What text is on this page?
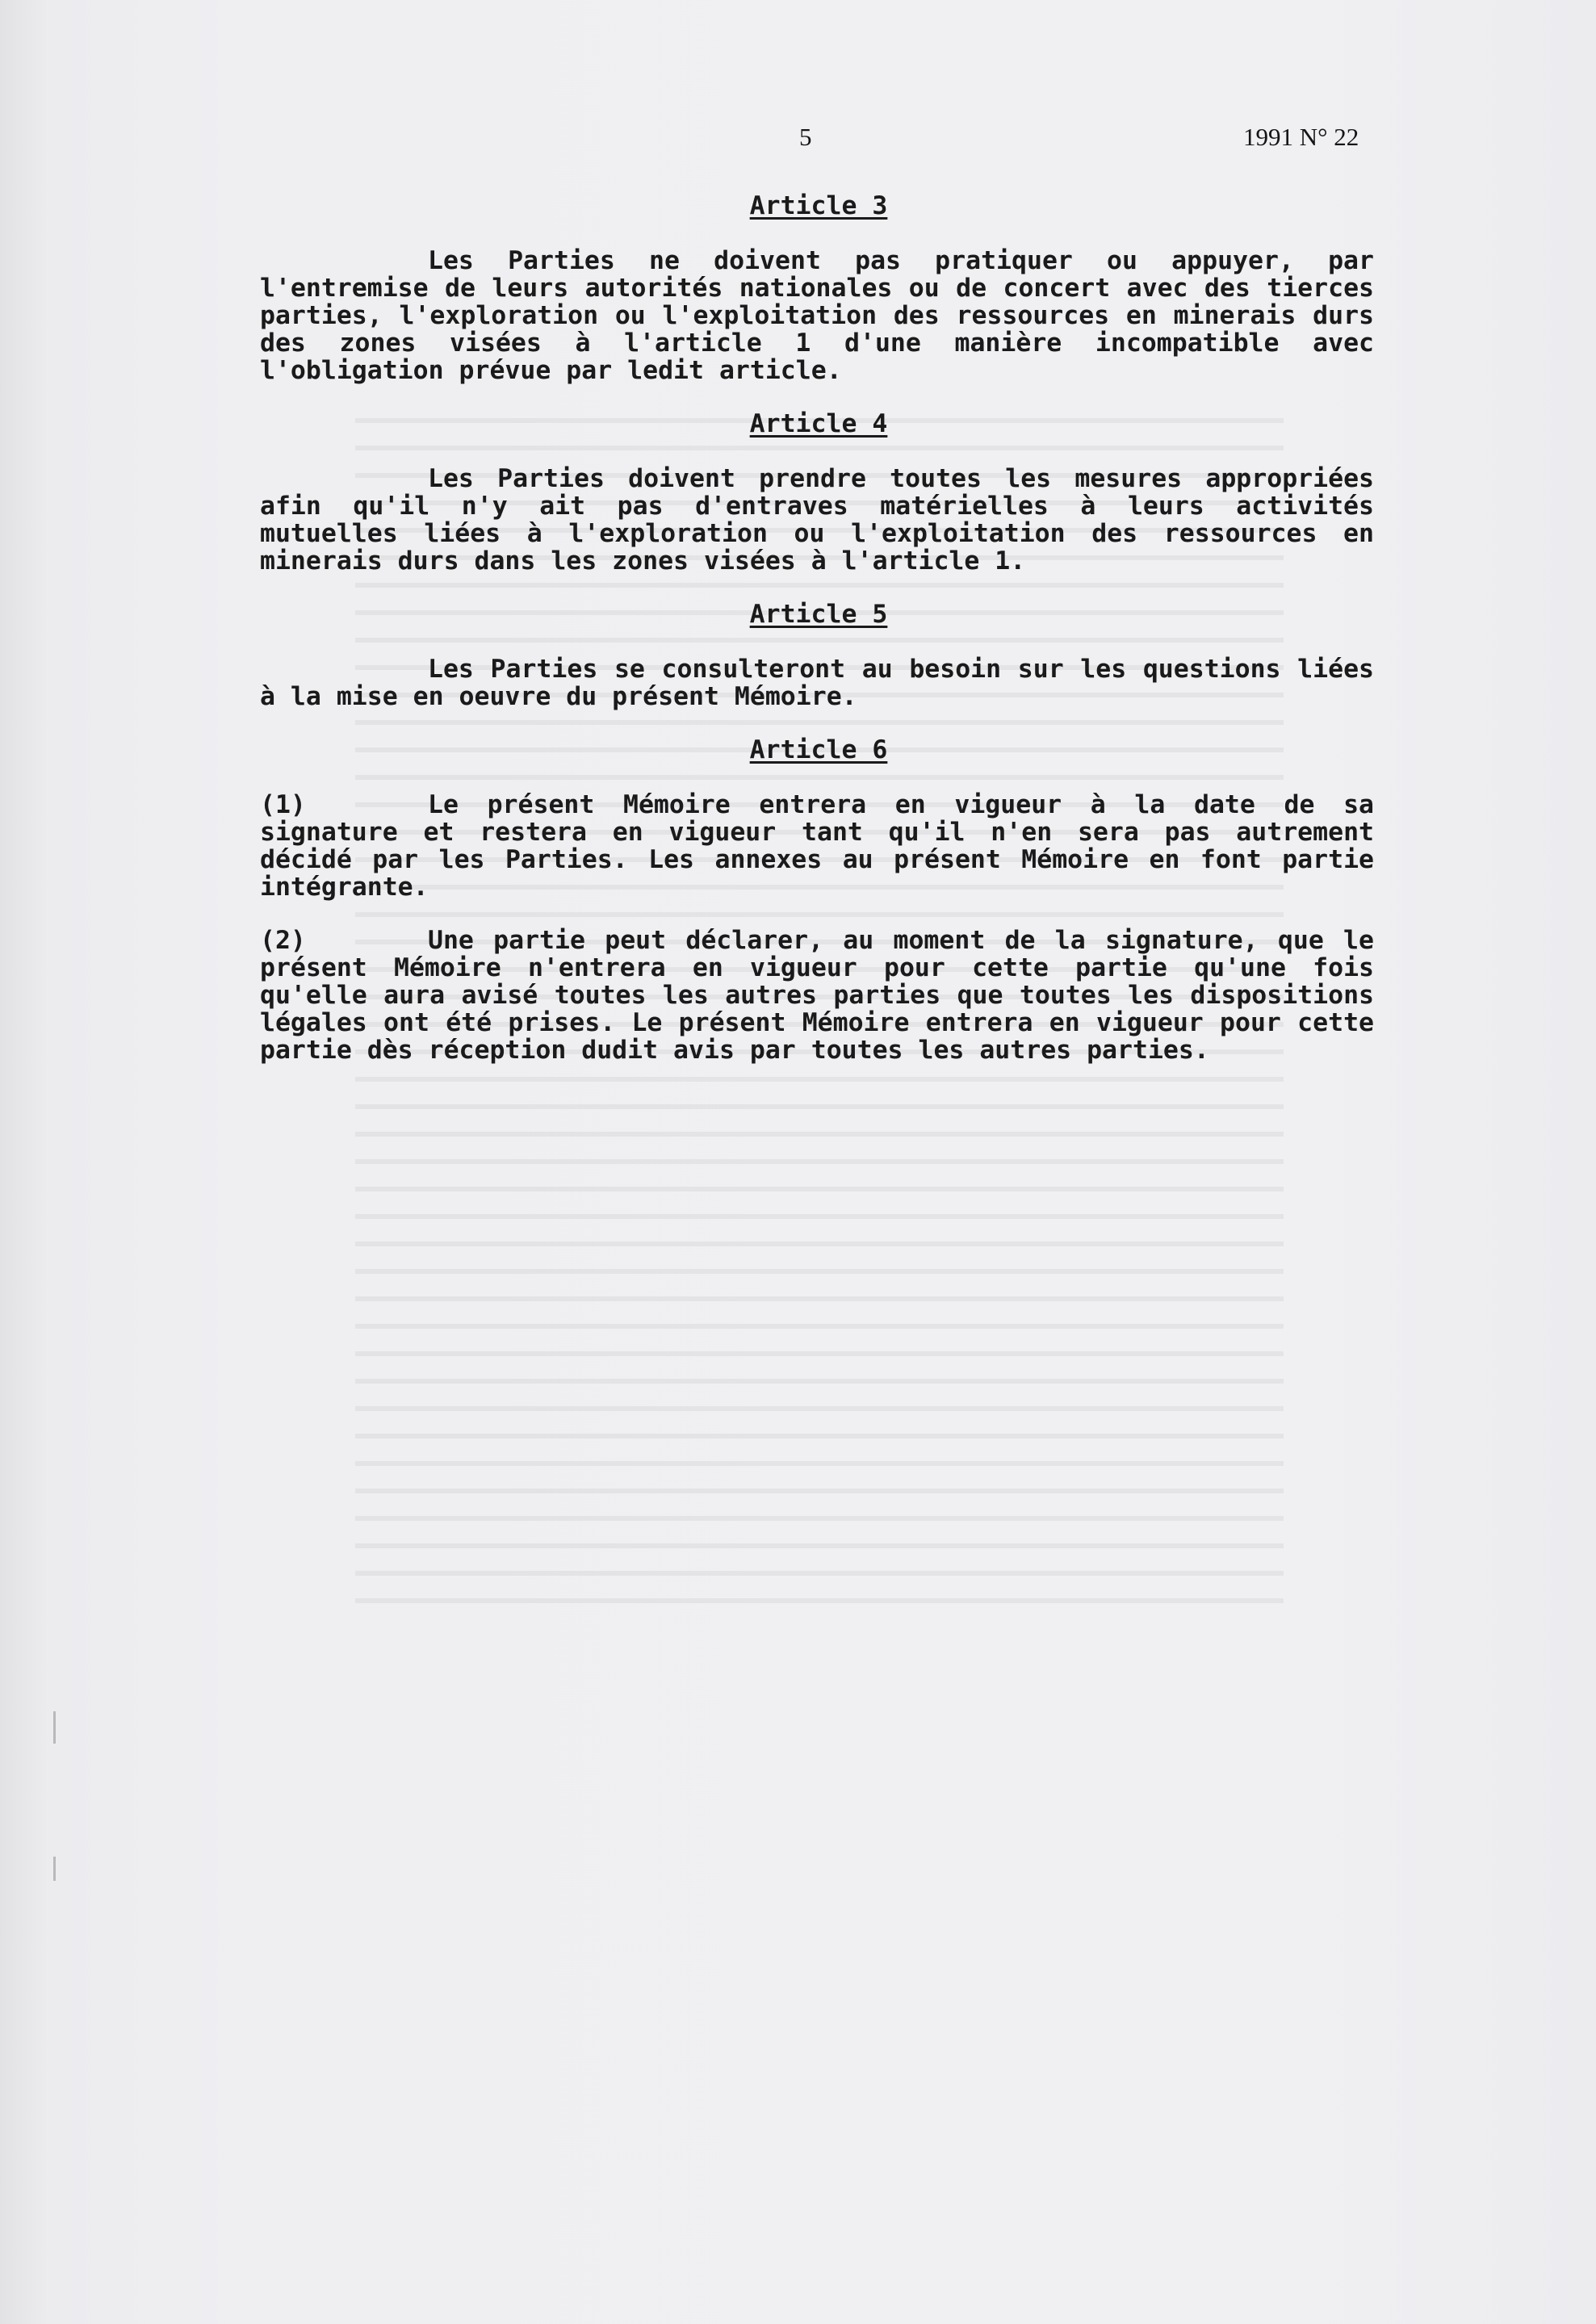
5	1991 N° 22
Article 3

Les Parties ne doivent pas pratiquer ou appuyer, par l'entremise de leurs autorités nationales ou de concert avec des tierces parties, l'exploration ou l'exploitation des ressources en minerais durs des zones visées à l'article 1 d'une manière incompatible avec l'obligation prévue par ledit article.

Article 4

Les Parties doivent prendre toutes les mesures appropriées afin qu'il n'y ait pas d'entraves matérielles à leurs activités mutuelles liées à l'exploration ou l'exploitation des ressources en minerais durs dans les zones visées à l'article 1.

Article 5

Les Parties se consulteront au besoin sur les questions liées à la mise en oeuvre du présent Mémoire.

Article 6

(1)	Le présent Mémoire entrera en vigueur à la date de sa signature et restera en vigueur tant qu'il n'en sera pas autrement décidé par les Parties. Les annexes au présent Mémoire en font partie intégrante.

(2)	Une partie peut déclarer, au moment de la signature, que le présent Mémoire n'entrera en vigueur pour cette partie qu'une fois qu'elle aura avisé toutes les autres parties que toutes les dispositions légales ont été prises. Le présent Mémoire entrera en vigueur pour cette partie dès réception dudit avis par toutes les autres parties.
